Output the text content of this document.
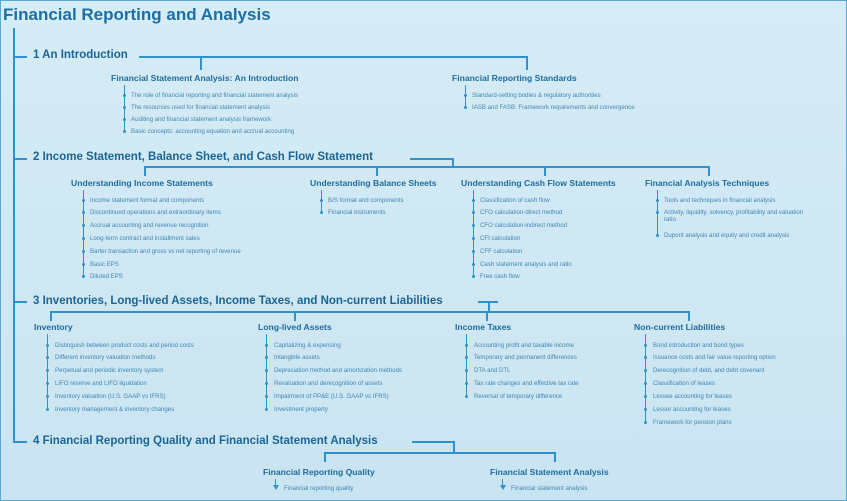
Financial Reporting and Analysis
1 An Introduction
Financial Statement Analysis: An Introduction
The role of financial reporting and financial statement analysis
The resources used for financial statement analysis
Auditing and financial statement analysis framework
Basic concepts: accounting equation and accrual accounting
Financial Reporting Standards
Standard-setting bodies & regulatory authorities
IASB and FASB: Framework requirements and convergence
2 Income Statement, Balance Sheet, and Cash Flow Statement
Understanding Income Statements
Income statement format and components
Discontinued operations and extraordinary items
Accrual accounting and revenue recognition
Long-term contract and installment sales
Barter transaction and gross vs net reporting of revenue
Basic EPS
Diluted EPS
Understanding Balance Sheets
B/S format and components
Financial instruments
Understanding Cash Flow Statements
Classification of cash flow
CFO calculation-direct method
CFO calculation-indirect method
CFI calculation
CFF calculation
Cash statement analysis and ratio
Free cash flow
Financial Analysis Techniques
Tools and techniques in financial analysis
Activity, liquidity, solvency, profitability and valuation ratio
Dupont analysis and equity and credit analysis
3 Inventories, Long-lived Assets, Income Taxes, and Non-current Liabilities
Inventory
Distinguish between product costs and period costs
Different inventory valuation methods
Perpetual and periodic inventory system
LIFO reserve and LIFO liquidation
Inventory valuation (U.S. GAAP vs IFRS)
Inventory management & inventory changes
Long-lived Assets
Capitalizing & expensing
Intangible assets
Depreciation method and amortization methods
Revaluation and derecognition of assets
Impairment of PP&E (U.S. GAAP vs IFRS)
Investment property
Income Taxes
Accounting profit and taxable income
Temporary and permanent differences
DTA and DTL
Tax rate changes and effective tax rate
Reversal of temporary difference
Non-current Liabilities
Bond introduction and bond types
Issuance costs and fair value reporting option
Derecognition of debt, and debt covenant
Classification of leases
Lessee accounting for leases
Lessor accounting for leases
Framework for pension plans
4 Financial Reporting Quality and Financial Statement Analysis
Financial Reporting Quality
Financial reporting quality
Financial Statement Analysis
Financial statement analysis
